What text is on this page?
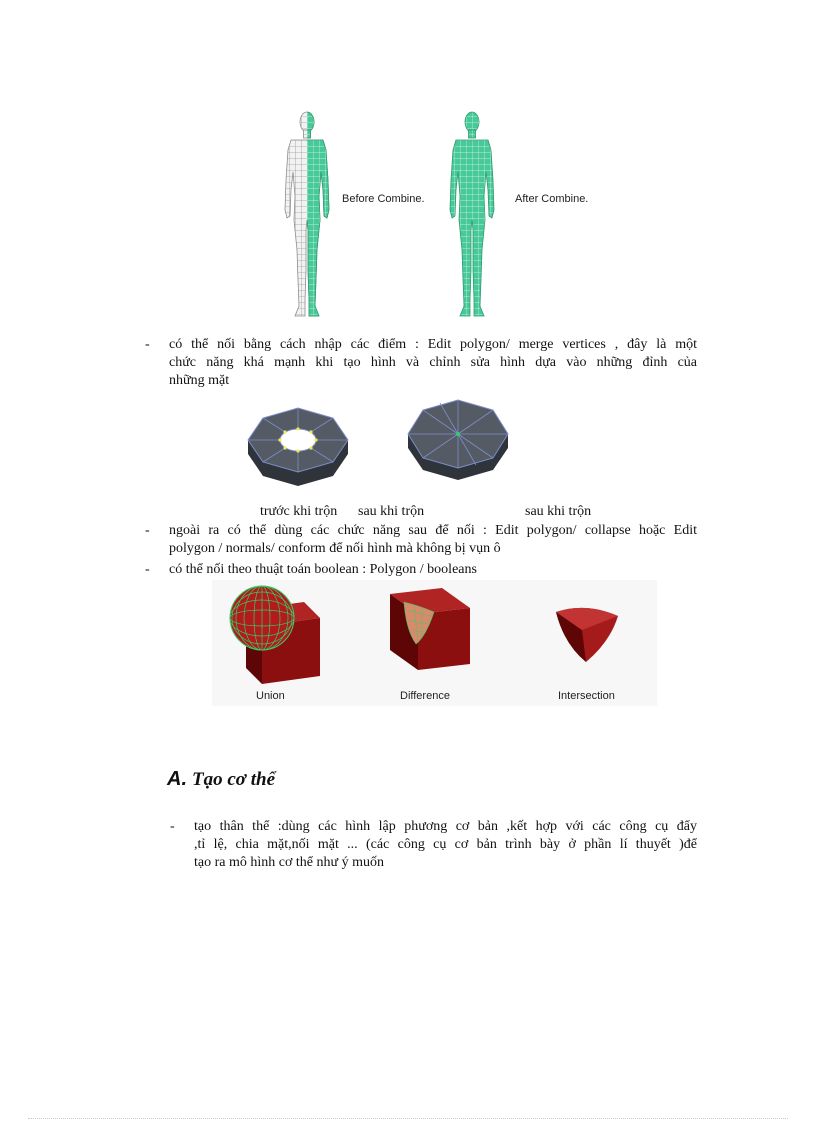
Before Combine.	After Combine.
- có thể nối bằng cách nhập các điểm : Edit polygon/ merge vertices , đây là một
chức năng khá mạnh khi tạo hình và chỉnh sửa hình dựa vào những đỉnh của
những mặt
trước khi trộn sau khi trộn	sau khi trộn
- ngoài ra có thể dùng các chức năng sau để nối : Edit polygon/ collapse hoặc Edit
polygon / normals/ conform để nối hình mà không bị vụn ô
- có thể nối theo thuật toán boolean : Polygon / booleans
Union	Difference	Intersection
A. Tạo cơ thể
- tạo thân thể :dùng các hình lập phương cơ bản ,kết hợp với các công cụ đẩy
,tỉ lệ, chia mặt,nối mặt ... (các công cụ cơ bản trình bày ở phần lí thuyết )để
tạo ra mô hình cơ thể như ý muốn
